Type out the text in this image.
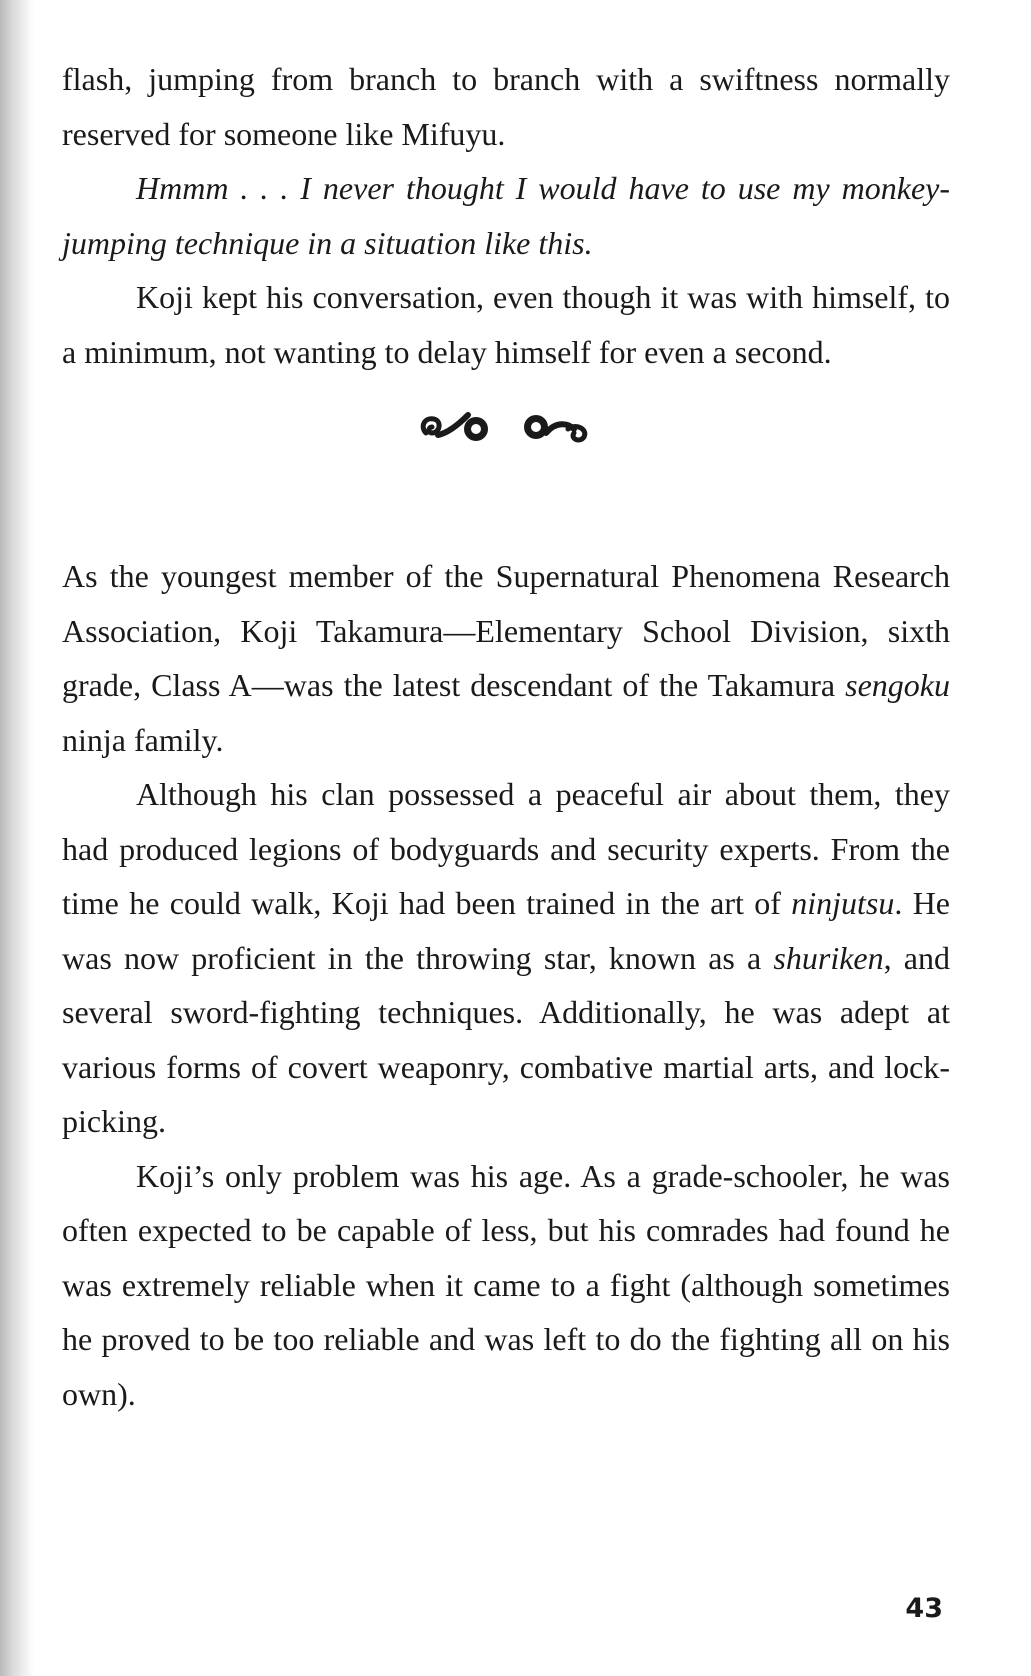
flash, jumping from branch to branch with a swiftness normally reserved for someone like Mifuyu.

Hmmm . . . I never thought I would have to use my monkey-jumping technique in a situation like this.

Koji kept his conversation, even though it was with himself, to a minimum, not wanting to delay himself for even a second.

As the youngest member of the Supernatural Phenomena Research Association, Koji Takamura—Elementary School Division, sixth grade, Class A—was the latest descendant of the Takamura sengoku ninja family.

Although his clan possessed a peaceful air about them, they had produced legions of bodyguards and security experts. From the time he could walk, Koji had been trained in the art of ninjutsu. He was now proficient in the throwing star, known as a shuriken, and several sword-fighting techniques. Additionally, he was adept at various forms of covert weaponry, combative martial arts, and lock-picking.

Koji’s only problem was his age. As a grade-schooler, he was often expected to be capable of less, but his comrades had found he was extremely reliable when it came to a fight (although sometimes he proved to be too reliable and was left to do the fighting all on his own).

43
